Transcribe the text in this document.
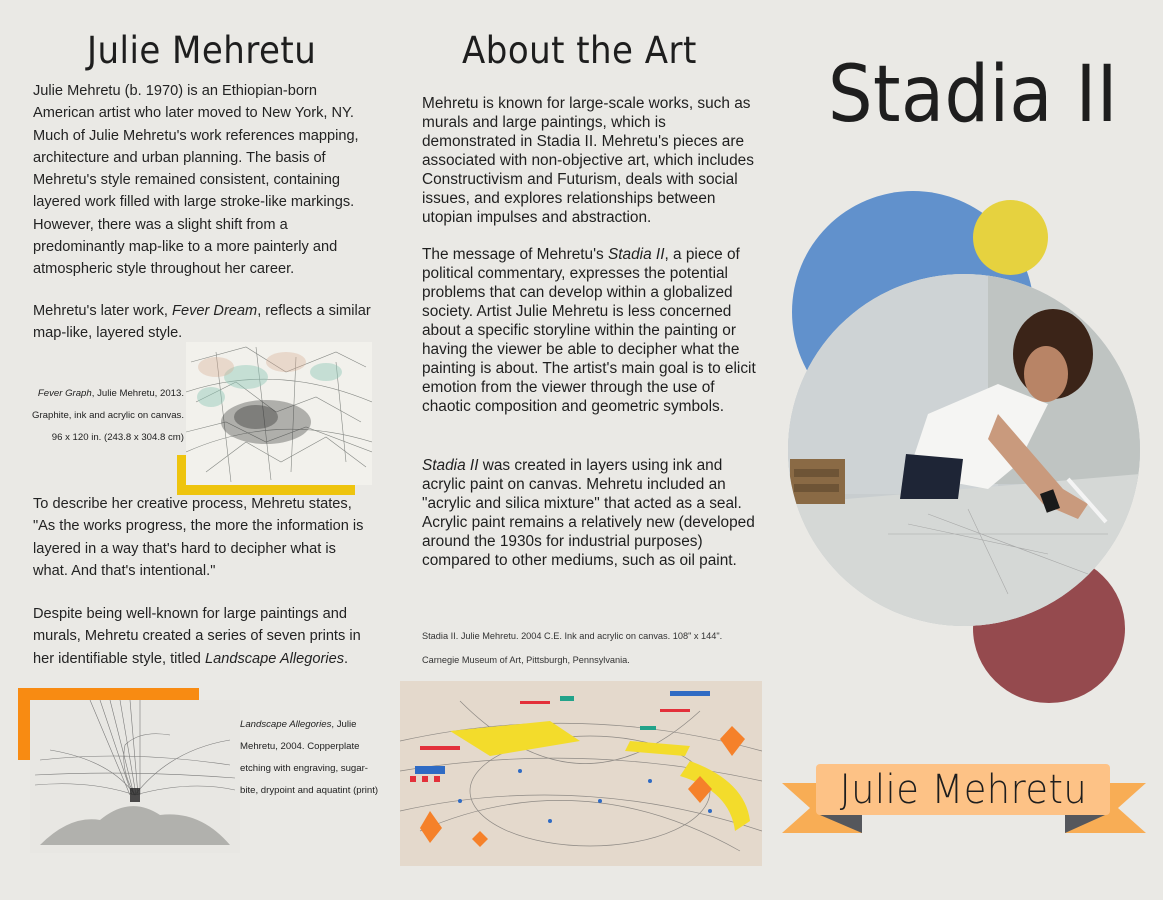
Julie Mehretu

Julie Mehretu (b. 1970) is an Ethiopian-born American artist who later moved to New York, NY. Much of Julie Mehretu's work references mapping, architecture and urban planning. The basis of Mehretu's style remained consistent, containing layered work filled with large stroke-like markings. However, there was a slight shift from a predominantly map-like to a more painterly and atmospheric style throughout her career.

Mehretu's later work, Fever Dream, reflects a similar map-like, layered style.

Fever Graph, Julie Mehretu, 2013.
Graphite, ink and acrylic on canvas.
96 x 120 in. (243.8 x 304.8 cm)

To describe her creative process, Mehretu states, "As the works progress, the more the information is layered in a way that's hard to decipher what is what. And that's intentional."

Despite being well-known for large paintings and murals, Mehretu created a series of seven prints in her identifiable style, titled Landscape Allegories.

Landscape Allegories, Julie Mehretu, 2004. Copperplate etching with engraving, sugar-bite, drypoint and aquatint (print)
About the Art

Mehretu is known for large-scale works, such as murals and large paintings, which is demonstrated in Stadia II. Mehretu's pieces are associated with non-objective art, which includes Constructivism and Futurism, deals with social issues, and explores relationships between utopian impulses and abstraction.

The message of Mehretu's Stadia II, a piece of political commentary, expresses the potential problems that can develop within a globalized society. Artist Julie Mehretu is less concerned about a specific storyline within the painting or having the viewer be able to decipher what the painting is about. The artist's main goal is to elicit emotion from the viewer through the use of chaotic composition and geometric symbols.

Stadia II was created in layers using ink and acrylic paint on canvas. Mehretu included an "acrylic and silica mixture" that acted as a seal. Acrylic paint remains a relatively new (developed around the 1930s for industrial purposes) compared to other mediums, such as oil paint.

Stadia II. Julie Mehretu. 2004 C.E. Ink and acrylic on canvas. 108" x 144".
Carnegie Museum of Art, Pittsburgh, Pennsylvania.
Stadia II
Julie Mehretu
